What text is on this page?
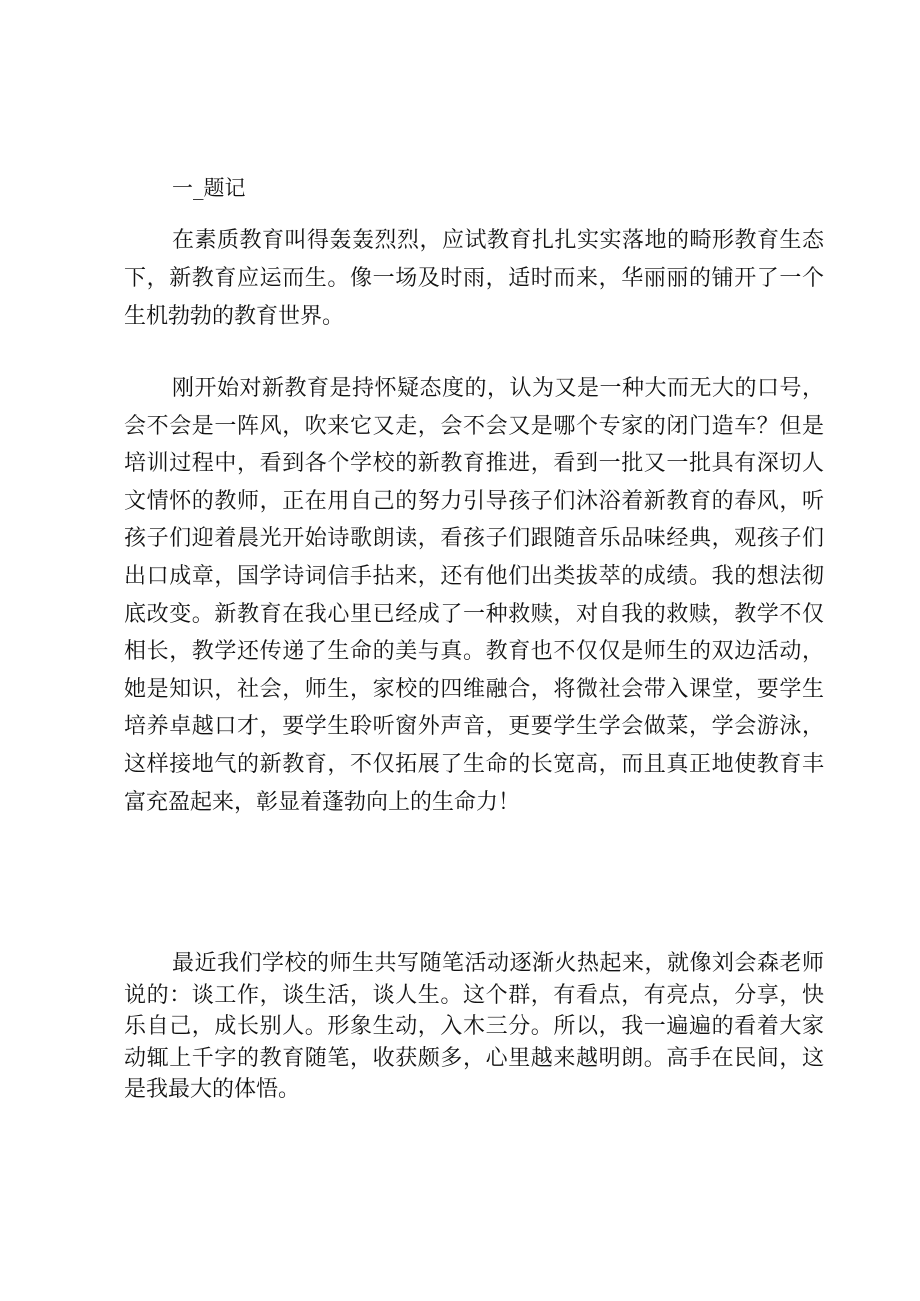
一_题记

在素质教育叫得轰轰烈烈，应试教育扎扎实实落地的畸形教育生态下，新教育应运而生。像一场及时雨，适时而来，华丽丽的铺开了一个生机勃勃的教育世界。

刚开始对新教育是持怀疑态度的，认为又是一种大而无大的口号，会不会是一阵风，吹来它又走，会不会又是哪个专家的闭门造车？但是培训过程中，看到各个学校的新教育推进，看到一批又一批具有深切人文情怀的教师，正在用自己的努力引导孩子们沐浴着新教育的春风，听孩子们迎着晨光开始诗歌朗读，看孩子们跟随音乐品味经典，观孩子们出口成章，国学诗词信手拈来，还有他们出类拔萃的成绩。我的想法彻底改变。新教育在我心里已经成了一种救赎，对自我的救赎，教学不仅相长，教学还传递了生命的美与真。教育也不仅仅是师生的双边活动，她是知识，社会，师生，家校的四维融合，将微社会带入课堂，要学生培养卓越口才，要学生聆听窗外声音，更要学生学会做菜，学会游泳，这样接地气的新教育，不仅拓展了生命的长宽高，而且真正地使教育丰富充盈起来，彰显着蓬勃向上的生命力！

最近我们学校的师生共写随笔活动逐渐火热起来，就像刘会森老师说的：谈工作，谈生活，谈人生。这个群，有看点，有亮点，分享，快乐自己，成长别人。形象生动，入木三分。所以，我一遍遍的看着大家动辄上千字的教育随笔，收获颇多，心里越来越明朗。高手在民间，这是我最大的体悟。
